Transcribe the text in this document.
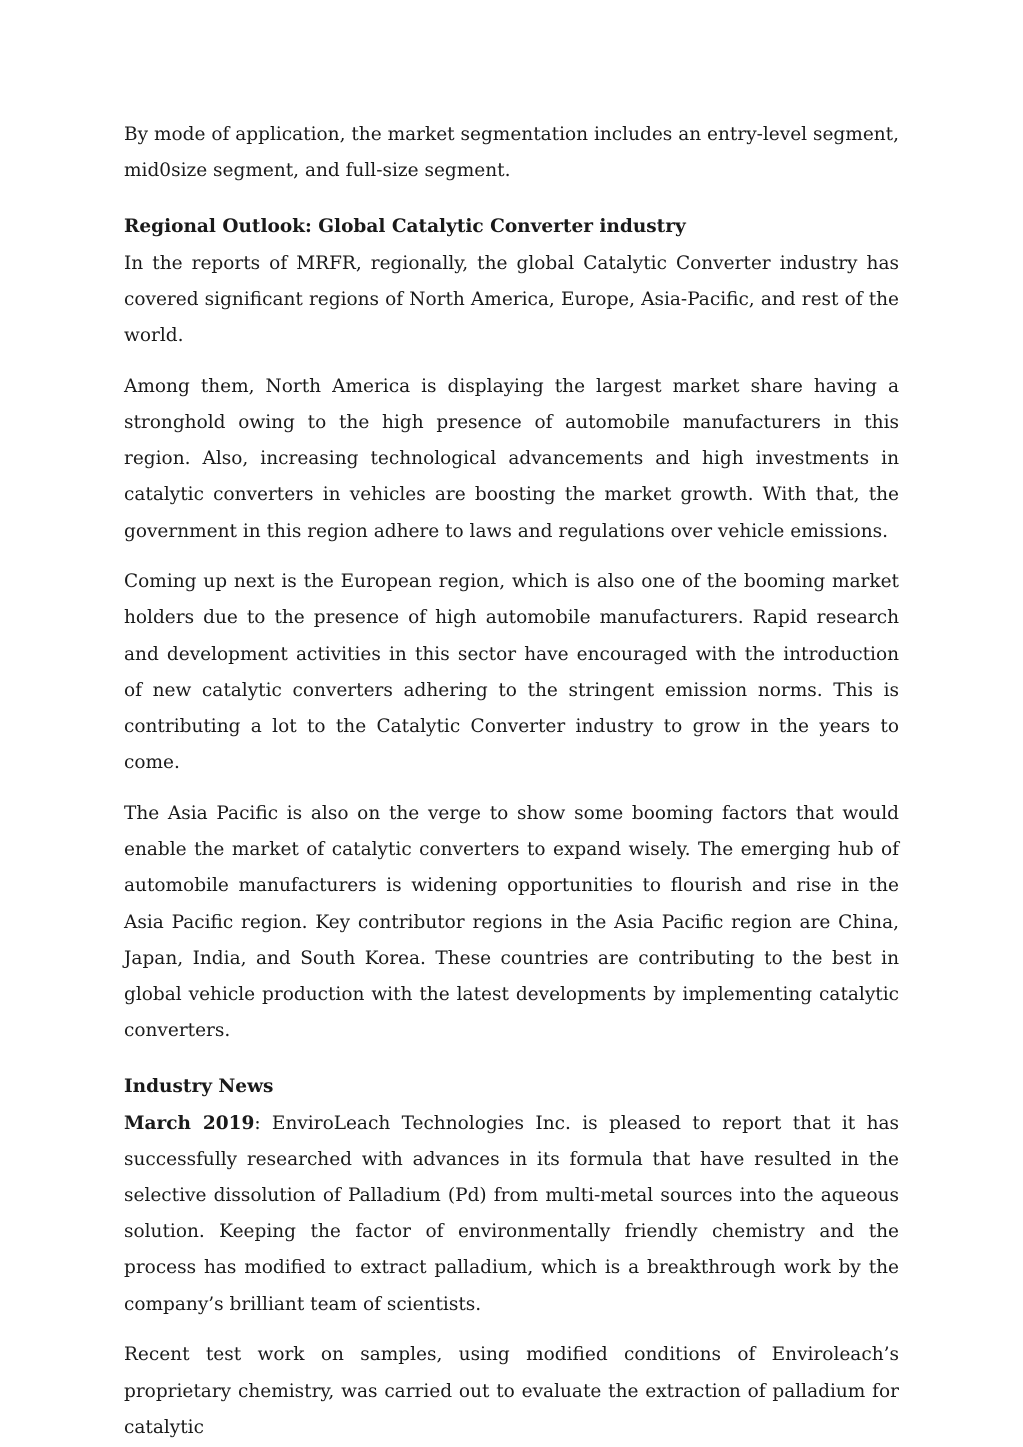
By mode of application, the market segmentation includes an entry-level segment, mid0size segment, and full-size segment.

Regional Outlook: Global Catalytic Converter industry

In the reports of MRFR, regionally, the global Catalytic Converter industry has covered significant regions of North America, Europe, Asia-Pacific, and rest of the world.

Among them, North America is displaying the largest market share having a stronghold owing to the high presence of automobile manufacturers in this region. Also, increasing technological advancements and high investments in catalytic converters in vehicles are boosting the market growth. With that, the government in this region adhere to laws and regulations over vehicle emissions.

Coming up next is the European region, which is also one of the booming market holders due to the presence of high automobile manufacturers. Rapid research and development activities in this sector have encouraged with the introduction of new catalytic converters adhering to the stringent emission norms. This is contributing a lot to the Catalytic Converter industry to grow in the years to come.

The Asia Pacific is also on the verge to show some booming factors that would enable the market of catalytic converters to expand wisely. The emerging hub of automobile manufacturers is widening opportunities to flourish and rise in the Asia Pacific region. Key contributor regions in the Asia Pacific region are China, Japan, India, and South Korea. These countries are contributing to the best in global vehicle production with the latest developments by implementing catalytic converters.

Industry News

March 2019: EnviroLeach Technologies Inc. is pleased to report that it has successfully researched with advances in its formula that have resulted in the selective dissolution of Palladium (Pd) from multi-metal sources into the aqueous solution. Keeping the factor of environmentally friendly chemistry and the process has modified to extract palladium, which is a breakthrough work by the company’s brilliant team of scientists.

Recent test work on samples, using modified conditions of Enviroleach’s proprietary chemistry, was carried out to evaluate the extraction of palladium for catalytic
